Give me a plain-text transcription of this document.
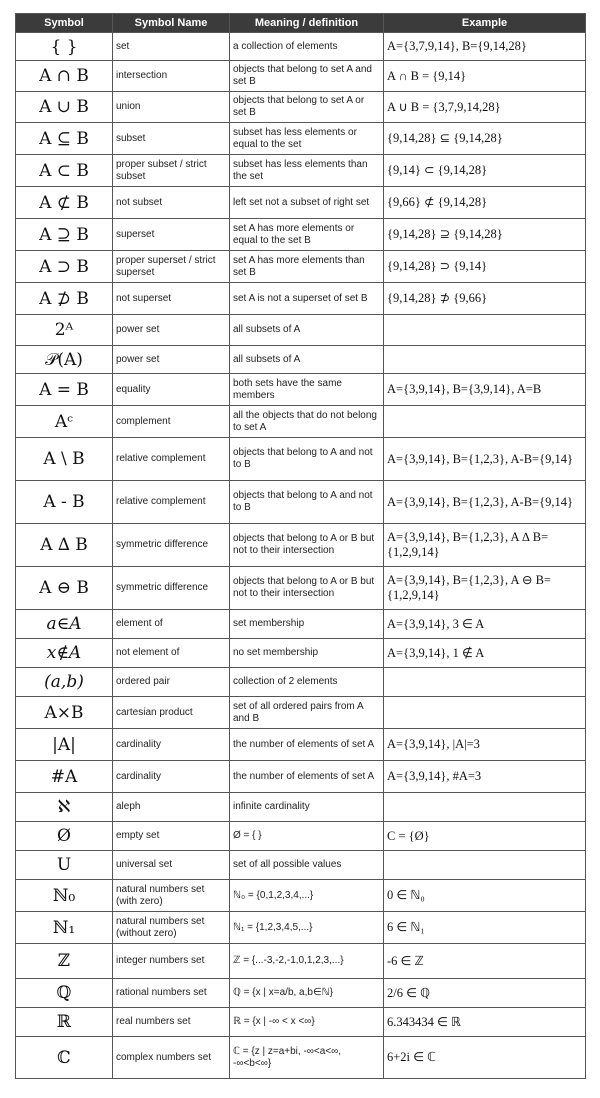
Symbol	Symbol Name	Meaning / definition	Example
{ }	set	a collection of elements	A={3,7,9,14}, B={9,14,28}
A ∩ B	intersection	objects that belong to set A and set B	A ∩ B = {9,14}
A ∪ B	union	objects that belong to set A or set B	A ∪ B = {3,7,9,14,28}
A ⊆ B	subset	subset has less elements or equal to the set	{9,14,28} ⊆ {9,14,28}
A ⊂ B	proper subset / strict subset	subset has less elements than the set	{9,14} ⊂ {9,14,28}
A ⊄ B	not subset	left set not a subset of right set	{9,66} ⊄ {9,14,28}
A ⊇ B	superset	set A has more elements or equal to the set B	{9,14,28} ⊇ {9,14,28}
A ⊃ B	proper superset / strict superset	set A has more elements than set B	{9,14,28} ⊃ {9,14}
A ⊅ B	not superset	set A is not a superset of set B	{9,14,28} ⊅ {9,66}
2ᴬ	power set	all subsets of A	
𝒫(A)	power set	all subsets of A	
A = B	equality	both sets have the same members	A={3,9,14}, B={3,9,14}, A=B
Aᶜ	complement	all the objects that do not belong to set A	
A \ B	relative complement	objects that belong to A and not to B	A={3,9,14}, B={1,2,3}, A-B={9,14}
A - B	relative complement	objects that belong to A and not to B	A={3,9,14}, B={1,2,3}, A-B={9,14}
A ∆ B	symmetric difference	objects that belong to A or B but not to their intersection	A={3,9,14}, B={1,2,3}, A ∆ B={1,2,9,14}
A ⊖ B	symmetric difference	objects that belong to A or B but not to their intersection	A={3,9,14}, B={1,2,3}, A ⊖ B={1,2,9,14}
a∈A	element of	set membership	A={3,9,14}, 3 ∈ A
x∉A	not element of	no set membership	A={3,9,14}, 1 ∉ A
(a,b)	ordered pair	collection of 2 elements	
A×B	cartesian product	set of all ordered pairs from A and B	
|A|	cardinality	the number of elements of set A	A={3,9,14}, |A|=3
#A	cardinality	the number of elements of set A	A={3,9,14}, #A=3
ℵ	aleph	infinite cardinality	
Ø	empty set	Ø = { }	C = {Ø}
U	universal set	set of all possible values	
ℕ₀	natural numbers set (with zero)	ℕ₀ = {0,1,2,3,4,...}	0 ∈ ℕ₀
ℕ₁	natural numbers set (without zero)	ℕ₁ = {1,2,3,4,5,...}	6 ∈ ℕ₁
ℤ	integer numbers set	ℤ = {...-3,-2,-1,0,1,2,3,...}	-6 ∈ ℤ
ℚ	rational numbers set	ℚ = {x | x=a/b, a,b∈ℕ}	2/6 ∈ ℚ
ℝ	real numbers set	ℝ = {x | -∞ < x <∞}	6.343434 ∈ ℝ
ℂ	complex numbers set	ℂ = {z | z=a+bi, -∞<a<∞, -∞<b<∞}	6+2i ∈ ℂ
